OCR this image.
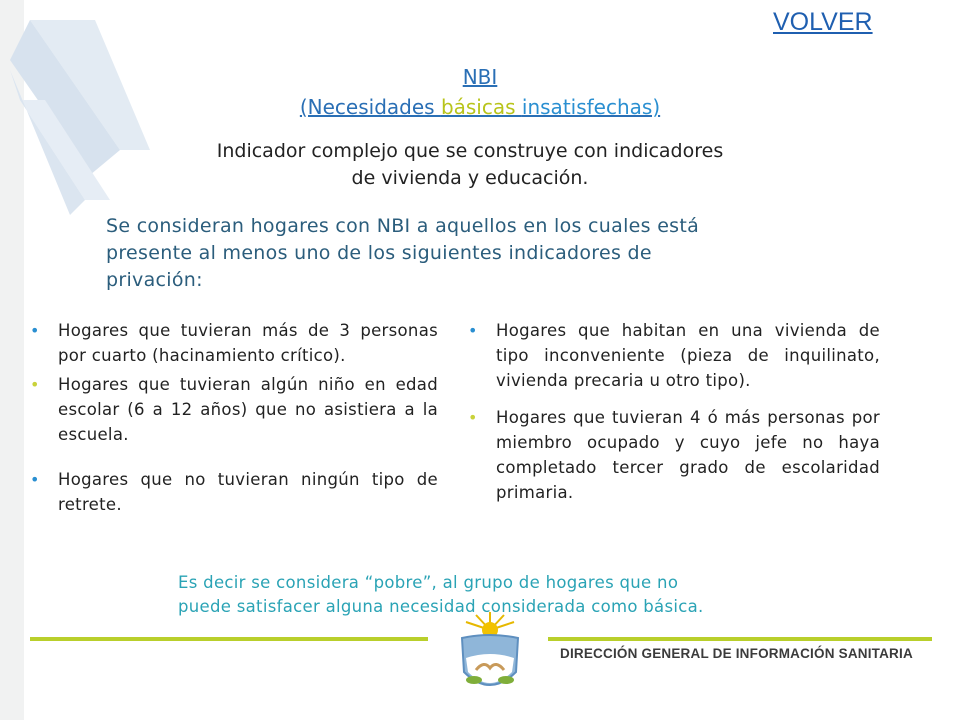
VOLVER
NBI
(Necesidades básicas insatisfechas)
Indicador complejo que se construye con indicadores
de vivienda y educación.
Se consideran hogares con NBI a aquellos en los cuales está
presente al menos uno de los siguientes indicadores de
privación:
• Hogares que tuvieran más de 3 personas por cuarto (hacinamiento crítico).
• Hogares que tuvieran algún niño en edad escolar (6 a 12 años) que no asistiera a la escuela.
• Hogares que no tuvieran ningún tipo de retrete.
• Hogares que habitan en una vivienda de tipo inconveniente (pieza de inquilinato, vivienda precaria u otro tipo).
• Hogares que tuvieran 4 ó más personas por miembro ocupado y cuyo jefe no haya completado tercer grado de escolaridad primaria.
Es decir se considera “pobre”, al grupo de hogares que no
puede satisfacer alguna necesidad considerada como básica.
DIRECCIÓN GENERAL DE INFORMACIÓN SANITARIA
